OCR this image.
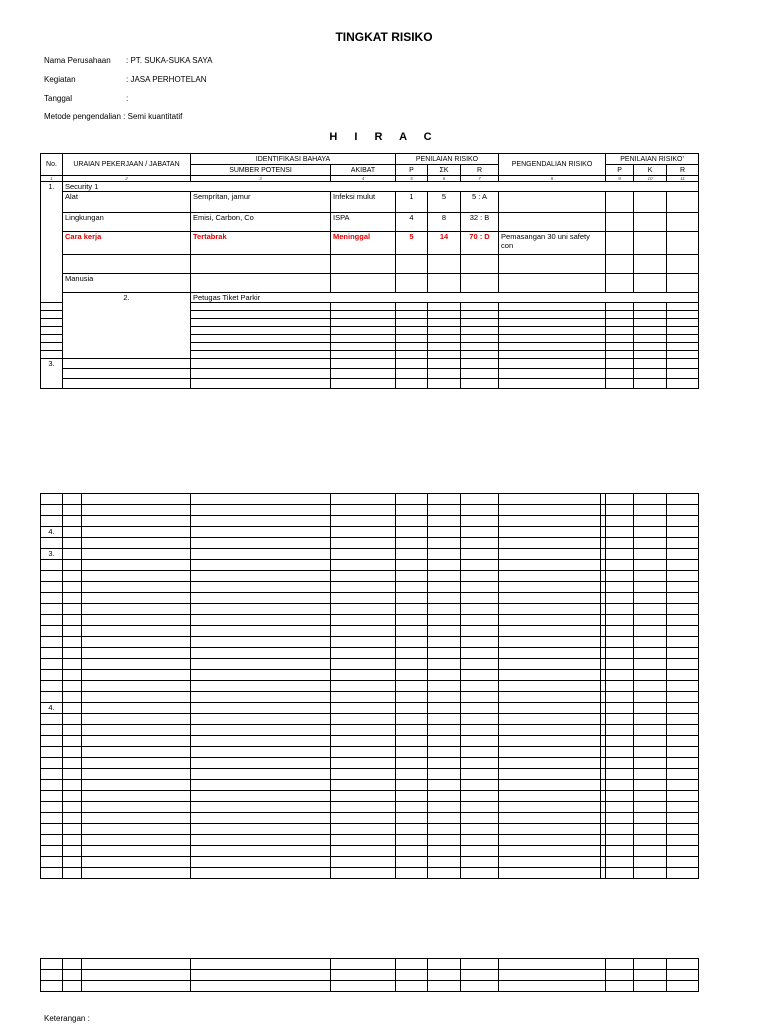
TINGKAT RISIKO
Nama Perusahaan : PT. SUKA-SUKA SAYA
Kegiatan	: JASA PERHOTELAN
Tanggal	:
Metode pengendalian : Semi kuantitatif
H I R A C
No.	URAIAN PEKERJAAN / JABATAN	IDENTIFIKASI BAHAYA		PENILAIAN RISIKO			PENGENDALIAN RISIKO	PENILAIAN RISIKO'		
		SUMBER POTENSI	AKIBAT	P	ΣK	R		P	K	R
1	2	3	4	5	6	7	8	9	10	11
1.	Security 1									
	Alat	Semprítan, jamur	Infeksi mulut	1	5	5 : A				
	Lingkungan	Emisi, Carbon, Co	ISPA	4	8	32 : B				
	Cara kerja	Tertabrak	Meninggal	5	14	70 : D	Pemasangan 30 uni safety con			

	Manusia									
	2.	Petugas Tiket Parkir								

3.										

4.												

3.												

4.												

Keterangan :
